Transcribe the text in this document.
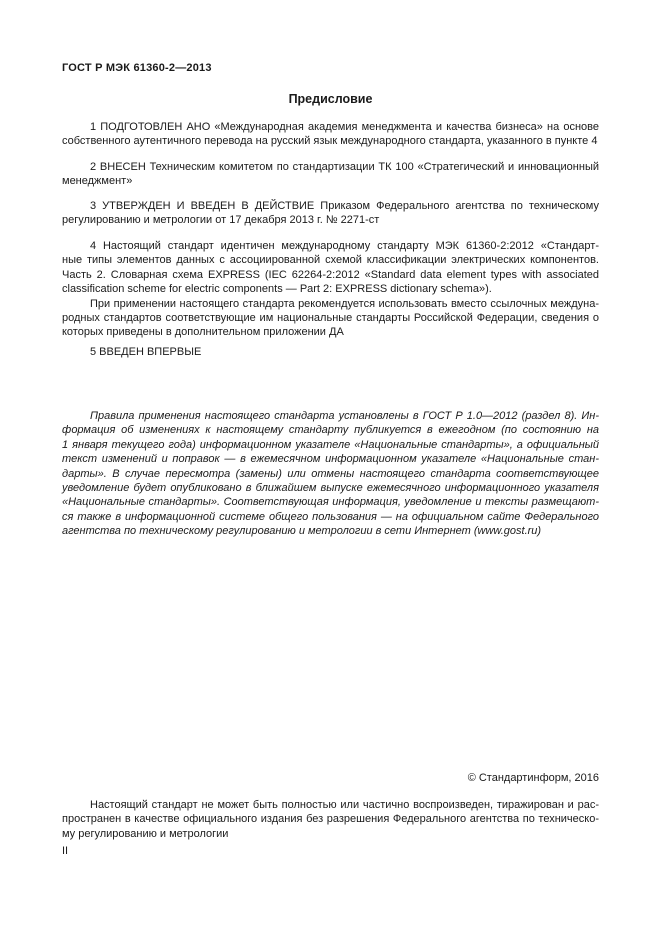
ГОСТ Р МЭК 61360-2—2013
Предисловие
1 ПОДГОТОВЛЕН АНО «Международная академия менеджмента и качества бизнеса» на основе
собственного аутентичного перевода на русский язык международного стандарта, указанного в пункте 4
2 ВНЕСЕН Техническим комитетом по стандартизации ТК 100 «Стратегический и инновационный
менеджмент»
3 УТВЕРЖДЕН И ВВЕДЕН В ДЕЙСТВИЕ Приказом Федерального агентства по техническому
регулированию и метрологии от 17 декабря 2013 г. № 2271-ст
4 Настоящий стандарт идентичен международному стандарту МЭК 61360-2:2012 «Стандарт-
ные типы элементов данных с ассоциированной схемой классификации электрических компонентов.
Часть 2. Словарная схема EXPRESS (IEC 62264-2:2012 «Standard data element types with associated
classification scheme for electric components — Part 2: EXPRESS dictionary schema»).
При применении настоящего стандарта рекомендуется использовать вместо ссылочных междуна-
родных стандартов соответствующие им национальные стандарты Российской Федерации, сведения о
которых приведены в дополнительном приложении ДА
5 ВВЕДЕН ВПЕРВЫЕ
Правила применения настоящего стандарта установлены в ГОСТ Р 1.0—2012 (раздел 8). Ин-
формация об изменениях к настоящему стандарту публикуется в ежегодном (по состоянию на
1 января текущего года) информационном указателе «Национальные стандарты», а официальный
текст изменений и поправок — в ежемесячном информационном указателе «Национальные стан-
дарты». В случае пересмотра (замены) или отмены настоящего стандарта соответствующее
уведомление будет опубликовано в ближайшем выпуске ежемесячного информационного указателя
«Национальные стандарты». Соответствующая информация, уведомление и тексты размещают-
ся также в информационной системе общего пользования — на официальном сайте Федерального
агентства по техническому регулированию и метрологии в сети Интернет (www.gost.ru)
© Стандартинформ, 2016
Настоящий стандарт не может быть полностью или частично воспроизведен, тиражирован и рас-
пространен в качестве официального издания без разрешения Федерального агентства по техническо-
му регулированию и метрологии
II
